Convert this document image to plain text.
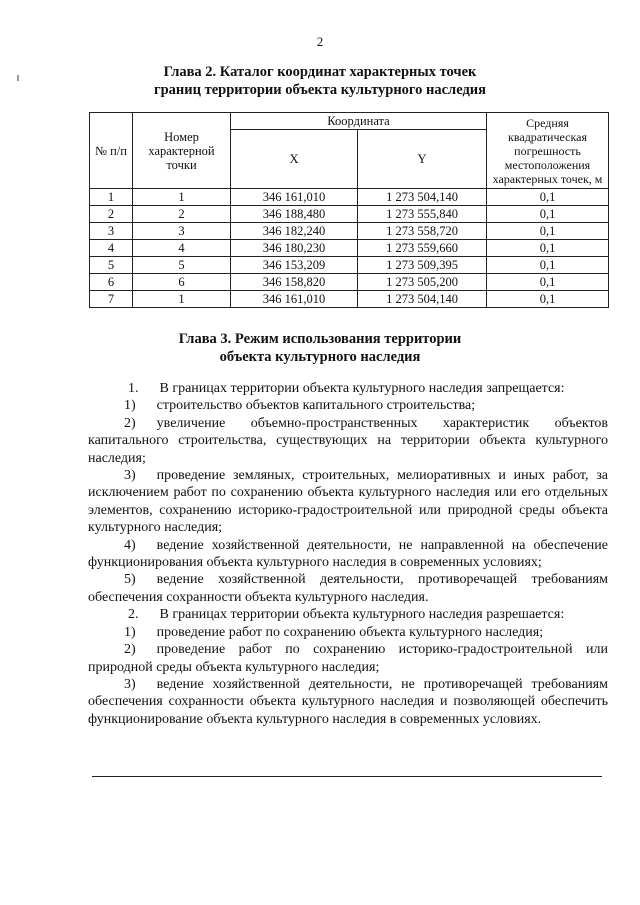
2
Глава 2. Каталог координат характерных точек
границ территории объекта культурного наследия
№ п/п	Номер характерной точки	Координата		Средняя квадратическая погрешность местоположения характерных точек, м
		X	Y	
1	1	346 161,010	1 273 504,140	0,1
2	2	346 188,480	1 273 555,840	0,1
3	3	346 182,240	1 273 558,720	0,1
4	4	346 180,230	1 273 559,660	0,1
5	5	346 153,209	1 273 509,395	0,1
6	6	346 158,820	1 273 505,200	0,1
7	1	346 161,010	1 273 504,140	0,1
Глава 3. Режим использования территории
объекта культурного наследия

1.  В границах территории объекта культурного наследия запрещается:

1)  строительство объектов капитального строительства;

2)  увеличение объемно-пространственных характеристик объектов капитального строительства, существующих на территории объекта культурного наследия;

3)  проведение земляных, строительных, мелиоративных и иных работ, за исключением работ по сохранению объекта культурного наследия или его отдельных элементов, сохранению историко-градостроительной или природной среды объекта культурного наследия;

4)  ведение хозяйственной деятельности, не направленной на обеспечение функционирования объекта культурного наследия в современных условиях;

5)  ведение хозяйственной деятельности, противоречащей требованиям обеспечения сохранности объекта культурного наследия.

2.  В границах территории объекта культурного наследия разрешается:

1)  проведение работ по сохранению объекта культурного наследия;

2)  проведение работ по сохранению историко-градостроительной или природной среды объекта культурного наследия;

3)  ведение хозяйственной деятельности, не противоречащей требованиям обеспечения сохранности объекта культурного наследия и позволяющей обеспечить функционирование объекта культурного наследия в современных условиях.
